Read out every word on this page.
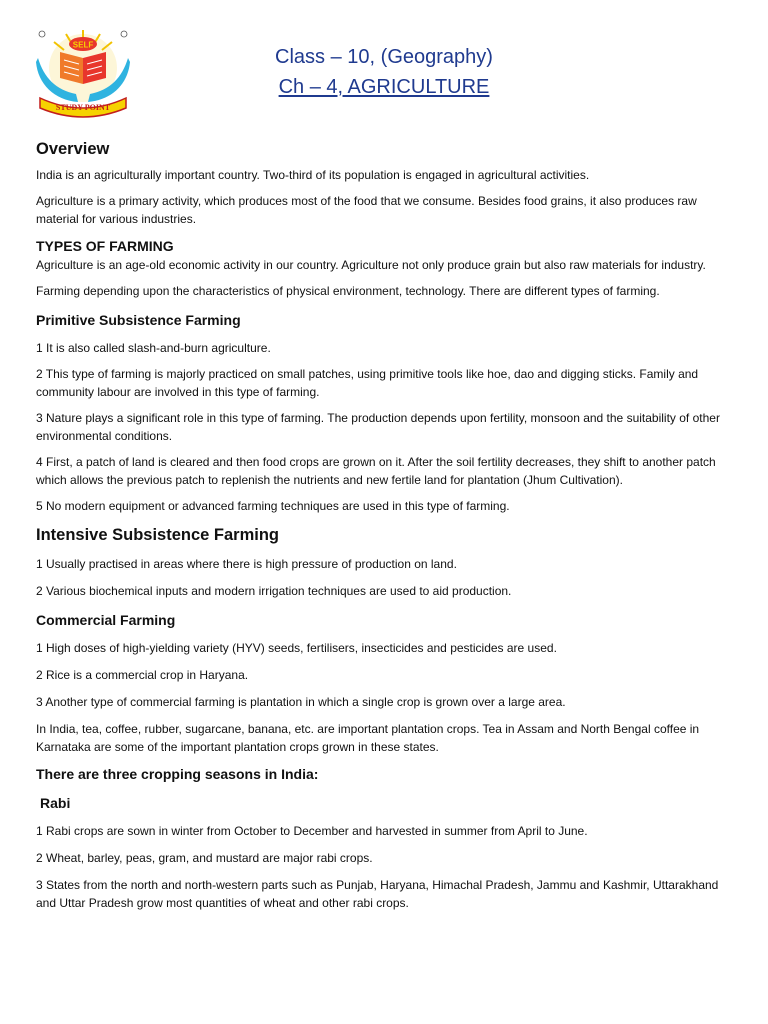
SELF
STUDY POINT
Class – 10, (Geography)
Ch – 4, AGRICULTURE
Overview

India is an agriculturally important country. Two-third of its population is engaged in agricultural activities.

Agriculture is a primary activity, which produces most of the food that we consume. Besides food grains, it also produces raw material for various industries.

TYPES OF FARMING

Agriculture is an age-old economic activity in our country. Agriculture not only produce grain but also raw materials for industry.

Farming depending upon the characteristics of physical environment, technology. There are different types of farming.

Primitive Subsistence Farming

1 It is also called slash-and-burn agriculture.

2 This type of farming is majorly practiced on small patches, using primitive tools like hoe, dao and digging sticks. Family and community labour are involved in this type of farming.

3 Nature plays a significant role in this type of farming. The production depends upon fertility, monsoon and the suitability of other environmental conditions.

4 First, a patch of land is cleared and then food crops are grown on it. After the soil fertility decreases, they shift to another patch which allows the previous patch to replenish the nutrients and new fertile land for plantation (Jhum Cultivation).

5 No modern equipment or advanced farming techniques are used in this type of farming.

Intensive Subsistence Farming

1 Usually practised in areas where there is high pressure of production on land.

2 Various biochemical inputs and modern irrigation techniques are used to aid production.

Commercial Farming

1 High doses of high-yielding variety (HYV) seeds, fertilisers, insecticides and pesticides are used.

2 Rice is a commercial crop in Haryana.

3 Another type of commercial farming is plantation in which a single crop is grown over a large area.

In India, tea, coffee, rubber, sugarcane, banana, etc. are important plantation crops. Tea in Assam and North Bengal coffee in Karnataka are some of the important plantation crops grown in these states.

There are three cropping seasons in India:
Rabi

1 Rabi crops are sown in winter from October to December and harvested in summer from April to June.

2 Wheat, barley, peas, gram, and mustard are major rabi crops.

3 States from the north and north-western parts such as Punjab, Haryana, Himachal Pradesh, Jammu and Kashmir, Uttarakhand and Uttar Pradesh grow most quantities of wheat and other rabi crops.
